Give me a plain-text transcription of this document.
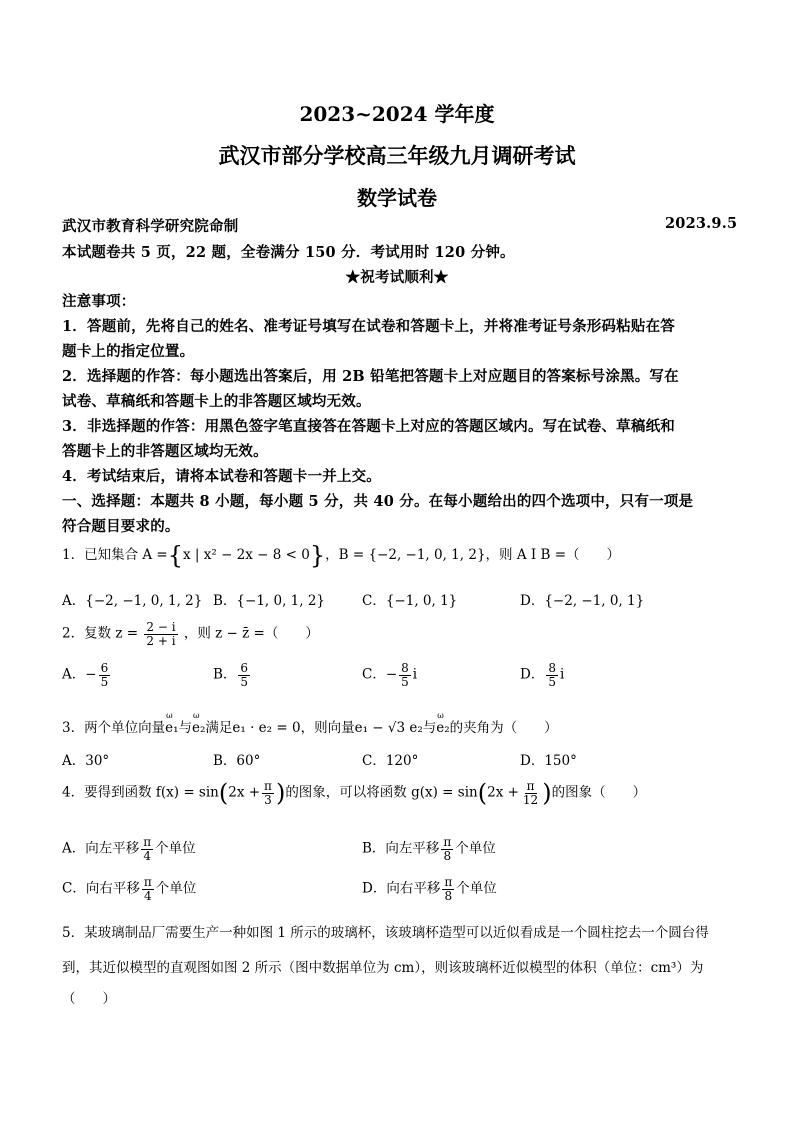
2023~2024 学年度
武汉市部分学校高三年级九月调研考试
数学试卷
武汉市教育科学研究院命制	2023.9.5
本试题卷共 5 页，22 题，全卷满分 150 分．考试用时 120 分钟。
★祝考试顺利★
注意事项：
1．答题前，先将自己的姓名、准考证号填写在试卷和答题卡上，并将准考证号条形码粘贴在答
题卡上的指定位置。
2．选择题的作答：每小题选出答案后，用 2B 铅笔把答题卡上对应题目的答案标号涂黑。写在
试卷、草稿纸和答题卡上的非答题区域均无效。
3．非选择题的作答：用黑色签字笔直接答在答题卡上对应的答题区域内。写在试卷、草稿纸和
答题卡上的非答题区域均无效。
4．考试结束后，请将本试卷和答题卡一并上交。
一、选择题：本题共 8 小题，每小题 5 分，共 40 分。在每小题给出的四个选项中，只有一项是
符合题目要求的。
1．已知集合 A ={x | x² − 2x − 8 < 0}，B = {−2, −1, 0, 1, 2}，则 A I B =（　　）
A．{−2, −1, 0, 1, 2} B．{−1, 0, 1, 2}	C．{−1, 0, 1}	D．{−2, −1, 0, 1}
2．复数 $z = \frac{2 - i}{2 + i}$ ，则 z − z̄ =（　　）
A．− $\frac{6}{5}$	B． $\frac{6}{5}$	C．− $\frac{8}{5}$ i	D． $\frac{8}{5}$ i
3．两个单位向量ω e₁与ω e₂满足e₁ · e₂ = 0，则向量e₁ − √3 e₂与ω e₂的夹角为（　　）
A．30°	B．60°	C．120°	D．150°
4．要得到函数 $f(x) = \sin(2x + \frac{\pi}{3}$ )的图象，可以将函数 $g(x) = \sin(2x + \frac{\pi}{12}$ )的图象（　　）
A．向左平移 $\frac{\pi}{4}$ 个单位	B．向左平移 $\frac{\pi}{8}$ 个单位
C．向右平移 $\frac{\pi}{4}$ 个单位	D．向右平移 $\frac{\pi}{8}$ 个单位
5．某玻璃制品厂需要生产一种如图 1 所示的玻璃杯，该玻璃杯造型可以近似看成是一个圆柱挖去一个圆台得
到，其近似模型的直观图如图 2 所示（图中数据单位为 cm），则该玻璃杯近似模型的体积（单位：cm³）为
（　　）
